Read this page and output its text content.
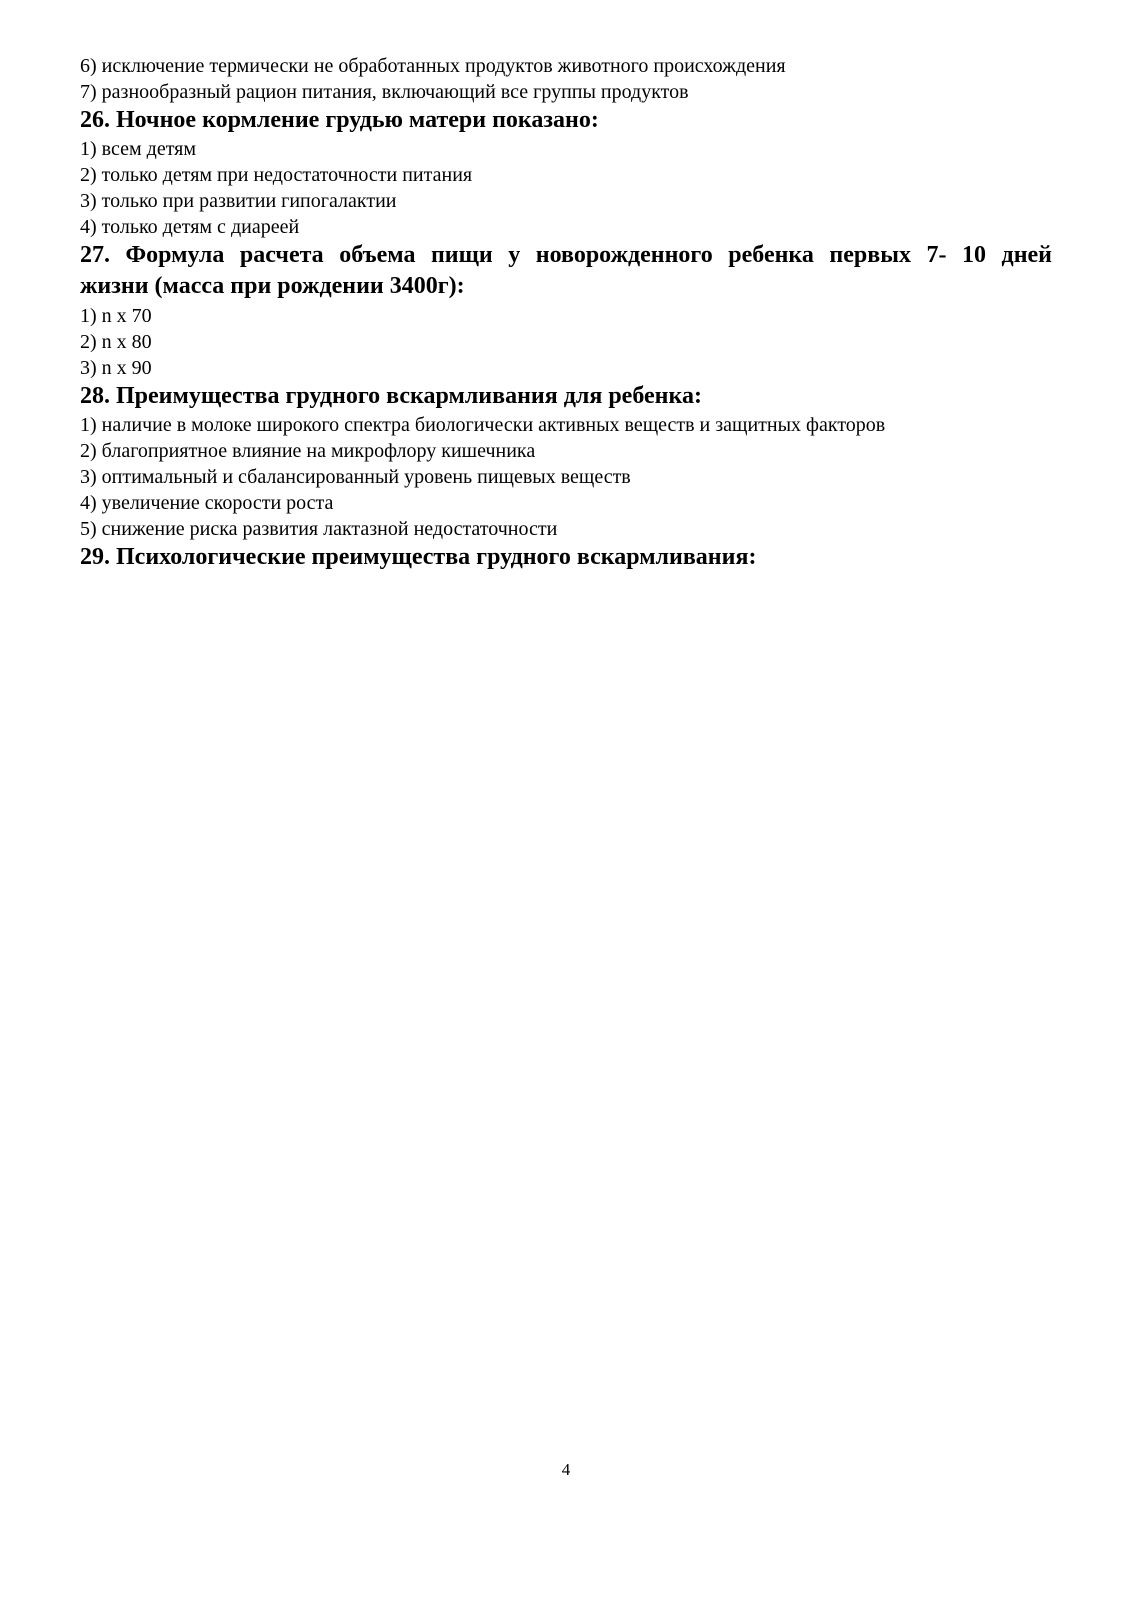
6) исключение термически не обработанных продуктов животного происхождения
7) разнообразный рацион питания, включающий все группы продуктов
26. Ночное кормление грудью матери показано:
1) всем детям
2) только детям при недостаточности питания
3) только при развитии гипогалактии
4) только детям с диареей
27. Формула расчета объема пищи у новорожденного ребенка первых 7- 10 дней
жизни (масса при рождении 3400г):
1) n x 70
2) n x 80
3) n x 90
28. Преимущества грудного вскармливания для ребенка:
1) наличие в молоке широкого спектра биологически активных веществ и защитных факторов
2) благоприятное влияние на микрофлору кишечника
3) оптимальный и сбалансированный уровень пищевых веществ
4) увеличение скорости роста
5) снижение риска развития лактазной недостаточности
29. Психологические преимущества грудного вскармливания:
4
